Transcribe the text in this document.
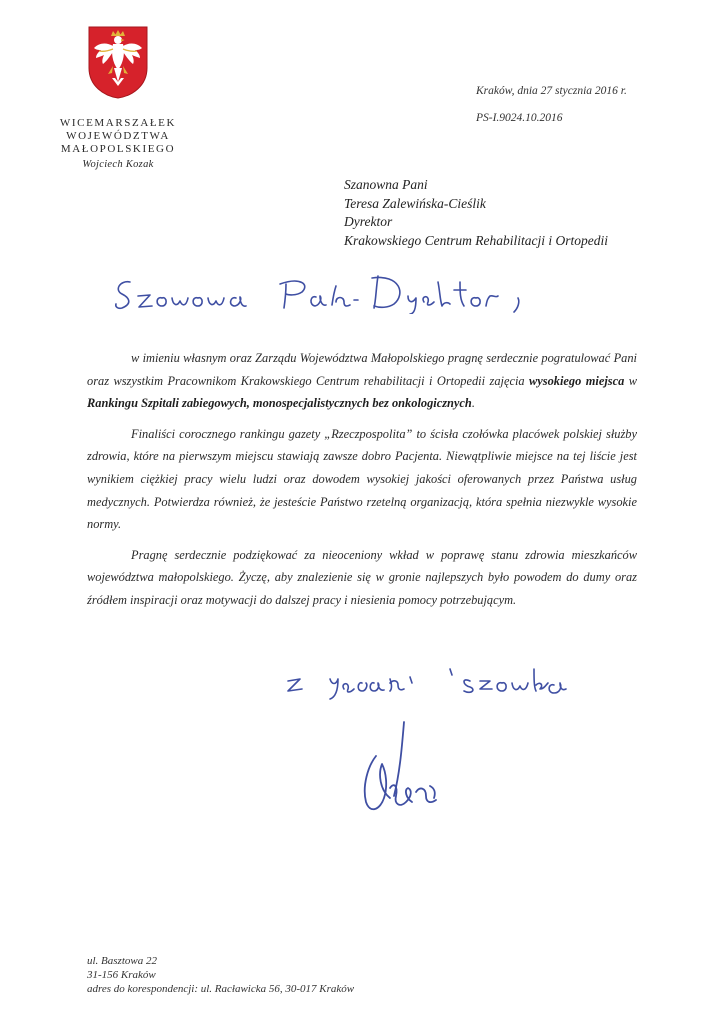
WICEMARSZAŁEK
WOJEWÓDZTWA
MAŁOPOLSKIEGO
Wojciech Kozak
Kraków, dnia 27 stycznia 2016 r.
PS-I.9024.10.2016
Szanowna Pani
Teresa Zalewińska-Cieślik
Dyrektor
Krakowskiego Centrum Rehabilitacji i Ortopedii

w imieniu własnym oraz Zarządu Województwa Małopolskiego pragnę serdecznie pogratulować Pani oraz wszystkim Pracownikom Krakowskiego Centrum rehabilitacji i Ortopedii zajęcia wysokiego miejsca w Rankingu Szpitali zabiegowych, monospecjalistycznych bez onkologicznych.

Finaliści corocznego rankingu gazety „Rzeczpospolita” to ścisła czołówka placówek polskiej służby zdrowia, które na pierwszym miejscu stawiają zawsze dobro Pacjenta. Niewątpliwie miejsce na tej liście jest wynikiem ciężkiej pracy wielu ludzi oraz dowodem wysokiej jakości oferowanych przez Państwa usług medycznych. Potwierdza również, że jesteście Państwo rzetelną organizacją, która spełnia niezwykle wysokie normy.

Pragnę serdecznie podziękować za nieoceniony wkład w poprawę stanu zdrowia mieszkańców województwa małopolskiego. Życzę, aby znalezienie się w gronie najlepszych było powodem do dumy oraz źródłem inspiracji oraz motywacji do dalszej pracy i niesienia pomocy potrzebującym.

ul. Basztowa 22
31-156 Kraków
adres do korespondencji: ul. Racławicka 56, 30-017 Kraków
